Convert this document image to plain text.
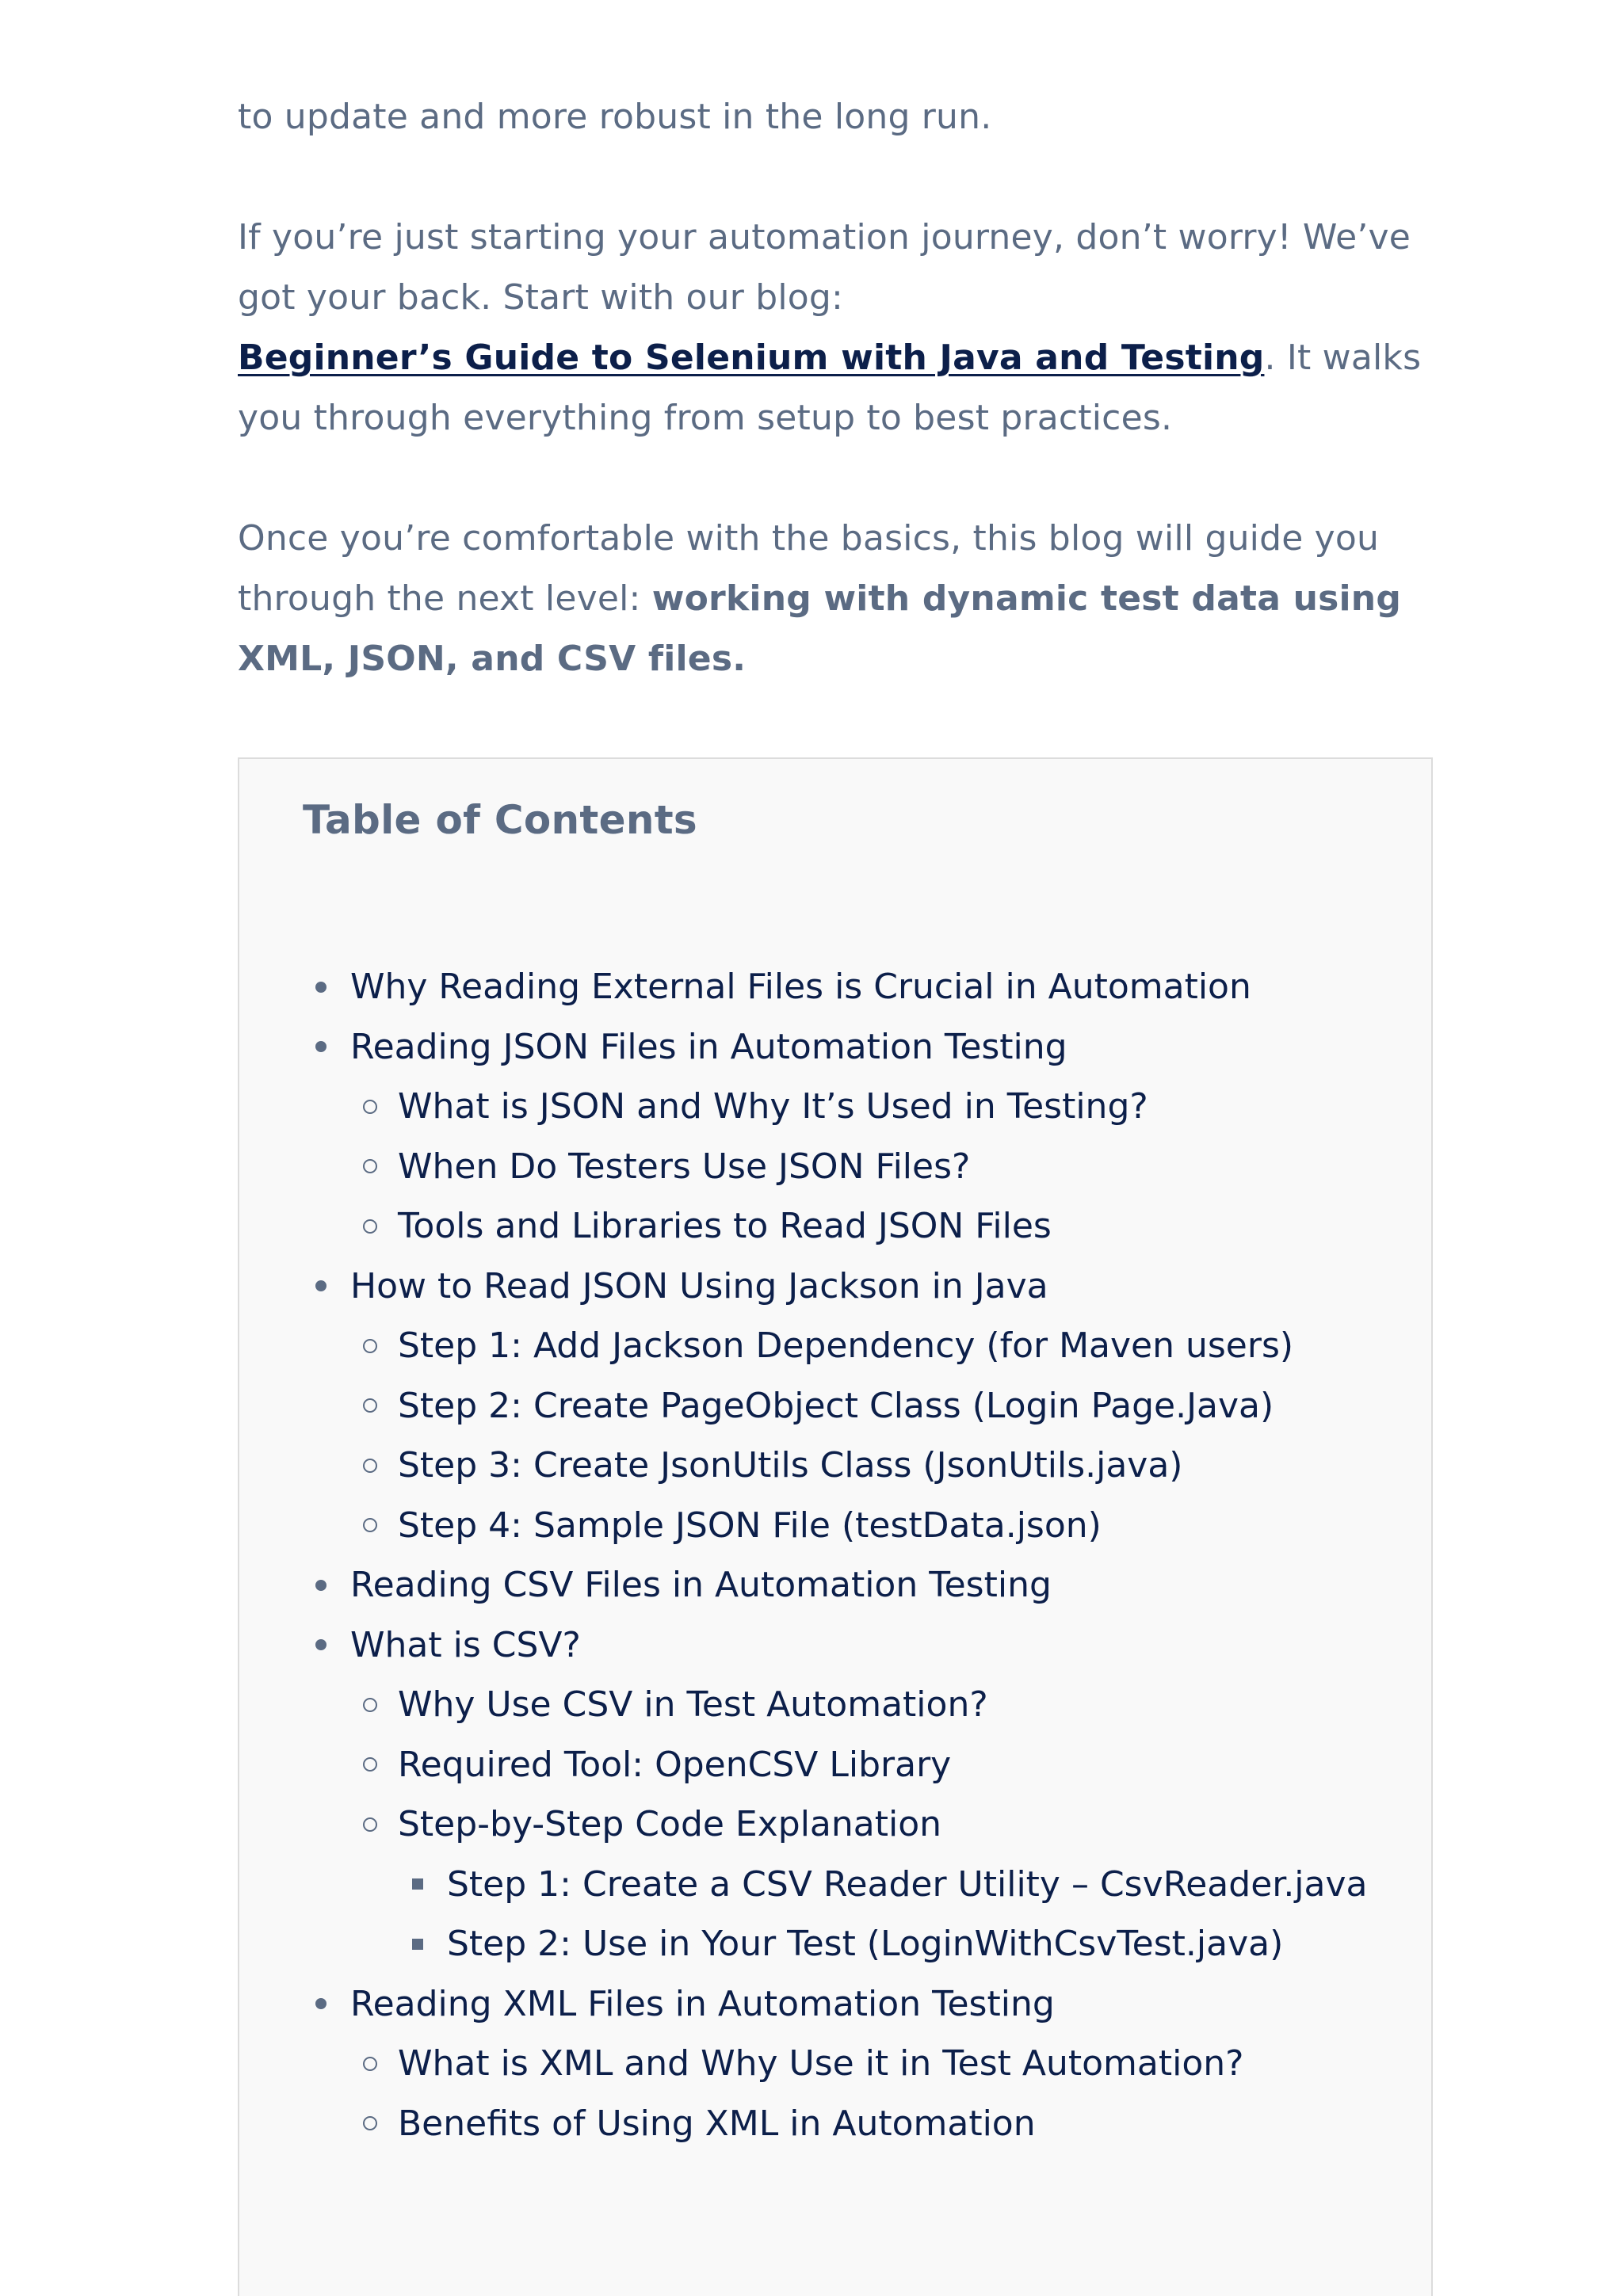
to update and more robust in the long run.

If you’re just starting your automation journey, don’t worry! We’ve got your back. Start with our blog:
Beginner’s Guide to Selenium with Java and Testing. It walks you through everything from setup to best practices.

Once you’re comfortable with the basics, this blog will guide you through the next level: working with dynamic test data using XML, JSON, and CSV files.

Table of Contents

Why Reading External Files is Crucial in Automation
Reading JSON Files in Automation Testing
What is JSON and Why It’s Used in Testing?
When Do Testers Use JSON Files?
Tools and Libraries to Read JSON Files
How to Read JSON Using Jackson in Java
Step 1: Add Jackson Dependency (for Maven users)
Step 2: Create PageObject Class (Login Page.Java)
Step 3: Create JsonUtils Class (JsonUtils.java)
Step 4: Sample JSON File (testData.json)
Reading CSV Files in Automation Testing
What is CSV?
Why Use CSV in Test Automation?
Required Tool: OpenCSV Library
Step-by-Step Code Explanation
Step 1: Create a CSV Reader Utility – CsvReader.java
Step 2: Use in Your Test (LoginWithCsvTest.java)
Reading XML Files in Automation Testing
What is XML and Why Use it in Test Automation?
Benefits of Using XML in Automation
